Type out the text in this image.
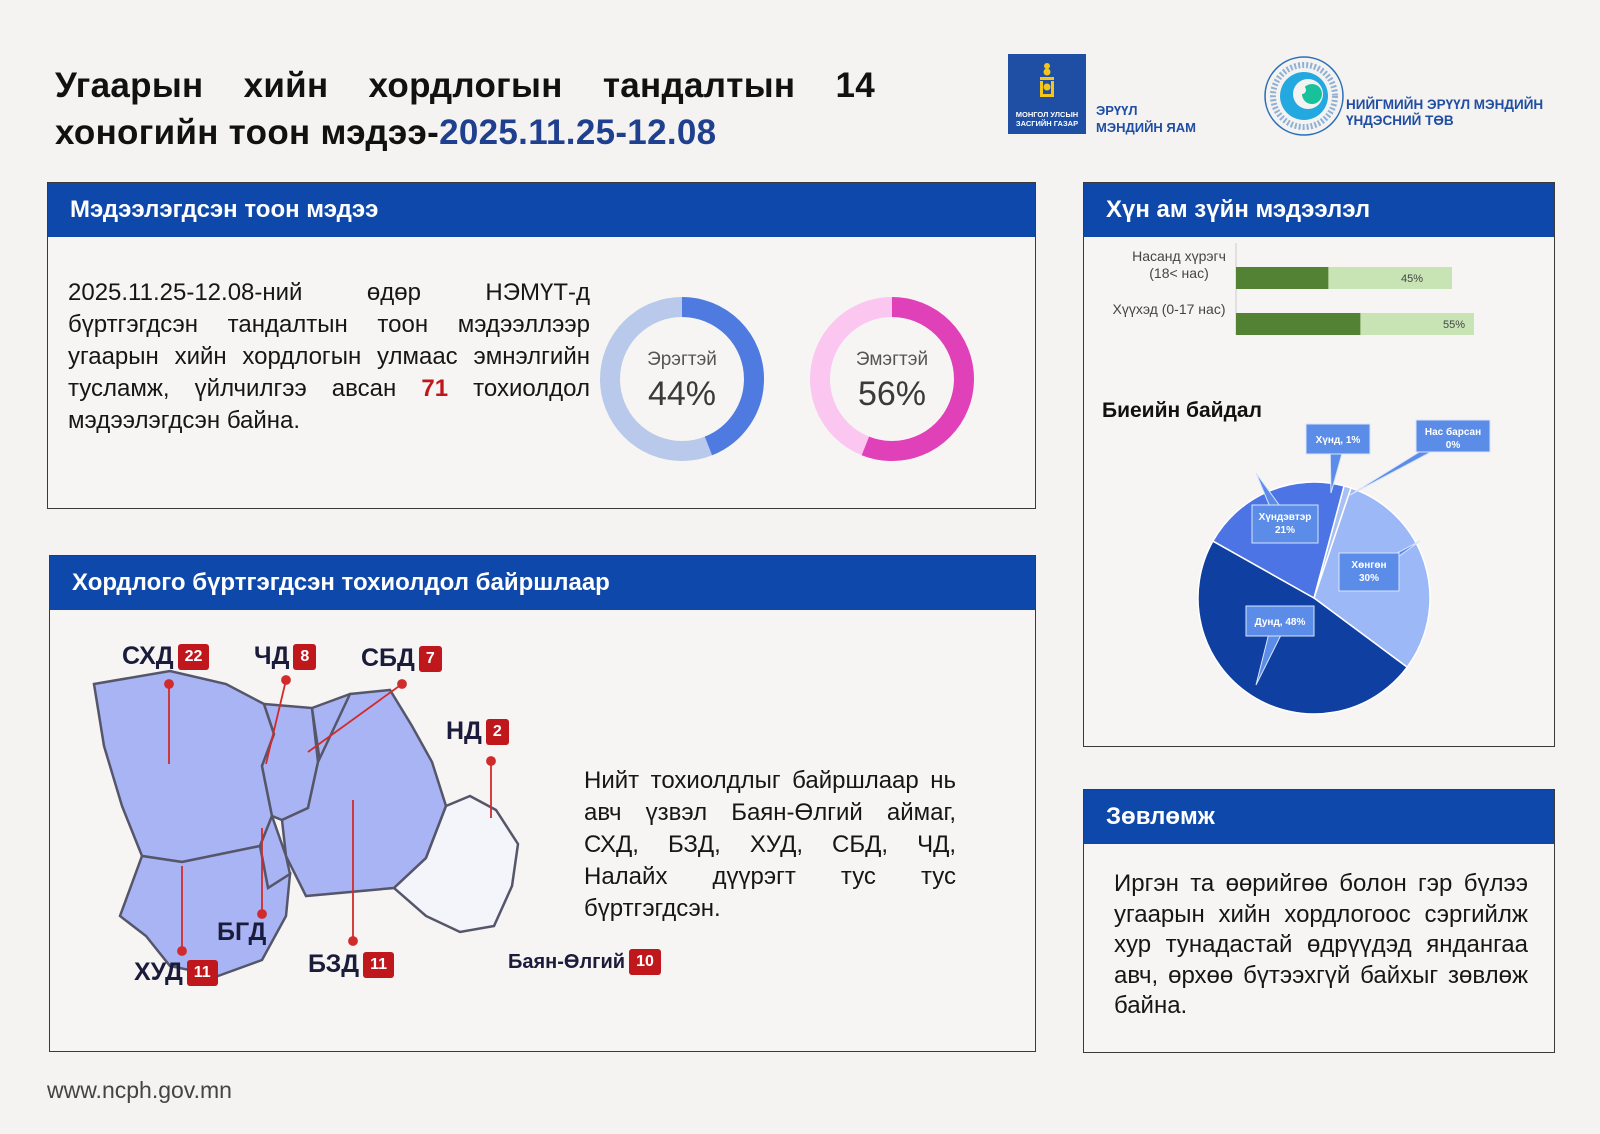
Угаарын хийн хордлогын тандалтын 14
хоногийн тоон мэдээ-2025.11.25-12.08	МОНГОЛ УЛСЫН ЗАСГИЙН ГАЗАР
ЭРҮҮЛ
МЭНДИЙН ЯАМ
НИЙГМИЙН ЭРҮҮЛ МЭНДИЙН
ҮНДЭСНИЙ ТӨВ
Мэдээлэгдсэн тоон мэдээ
2025.11.25-12.08-ний өдөр НЭМҮТ-д бүртгэгдсэн тандалтын тоон мэдээллээр угаарын хийн хордлогын улмаас эмнэлгийн тусламж, үйлчилгээ авсан 71 тохиолдол мэдээлэгдсэн байна.
Эрэгтэй
44%
Эмэгтэй
56%
Хордлого бүртгэгдсэн тохиолдол байршлаар
СХД 22 ЧД 8 СБД 7
НД 2
БГД
ХУД 11	БЗД 11	Баян-Өлгий 10
Нийт тохиолдлыг байршлаар нь авч үзвэл Баян-Өлгий аймаг, СХД, БЗД, ХУД, СБД, ЧД, Налайх дүүрэгт тус тус бүртгэгдсэн.
Хүн ам зүйн мэдээлэл
Насанд хүрэгч
(18< нас)
Хүүхэд (0-17 нас)
45%
55%
Биеийн байдал
Хүнд, 1%
Нас барсан 0%
Хөнгөн 30%
Дунд, 48%
Хүндэвтэр 21%
Зөвлөмж
Иргэн та өөрийгөө болон гэр бүлээ угаарын хийн хордлогоос сэргийлж хур тунадастай өдрүүдэд яндангаа авч, өрхөө бүтээхгүй байхыг зөвлөж байна.
www.ncph.gov.mn
